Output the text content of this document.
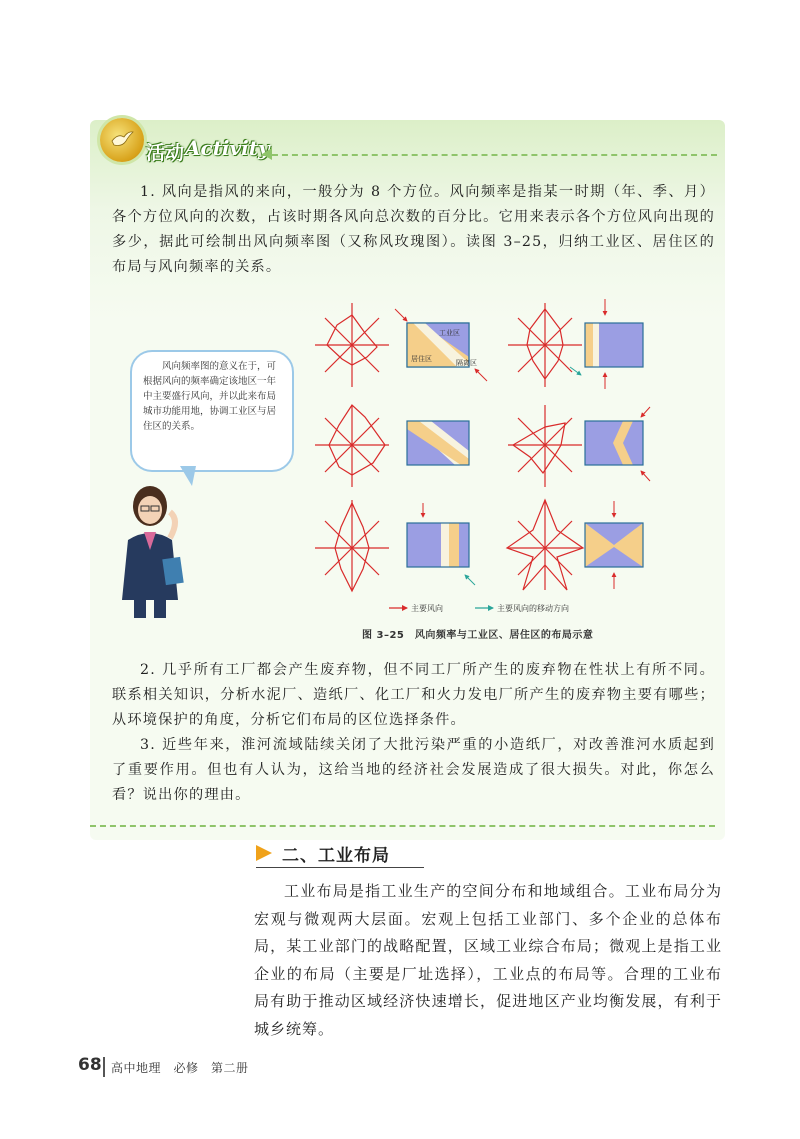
活动 Activity
1. 风向是指风的来向，一般分为 8 个方位。风向频率是指某一时期（年、季、月）各个方位风向的次数，占该时期各风向总次数的百分比。它用来表示各个方位风向出现的多少，据此可绘制出风向频率图（又称风玫瑰图）。读图 3–25，归纳工业区、居住区的布局与风向频率的关系。
风向频率图的意义在于，可根据风向的频率确定该地区一年中主要盛行风向，并以此来布局城市功能用地，协调工业区与居住区的关系。
工业区
居住区	隔离区
主要风向	主要风向的移动方向
图 3–25　风向频率与工业区、居住区的布局示意
2. 几乎所有工厂都会产生废弃物，但不同工厂所产生的废弃物在性状上有所不同。联系相关知识，分析水泥厂、造纸厂、化工厂和火力发电厂所产生的废弃物主要有哪些；从环境保护的角度，分析它们布局的区位选择条件。
3. 近些年来，淮河流域陆续关闭了大批污染严重的小造纸厂，对改善淮河水质起到了重要作用。但也有人认为，这给当地的经济社会发展造成了很大损失。对此，你怎么看？说出你的理由。
二、工业布局
工业布局是指工业生产的空间分布和地域组合。工业布局分为宏观与微观两大层面。宏观上包括工业部门、多个企业的总体布局，某工业部门的战略配置，区域工业综合布局；微观上是指工业企业的布局（主要是厂址选择），工业点的布局等。合理的工业布局有助于推动区域经济快速增长，促进地区产业均衡发展，有利于城乡统筹。
68 高中地理　必修　第二册
